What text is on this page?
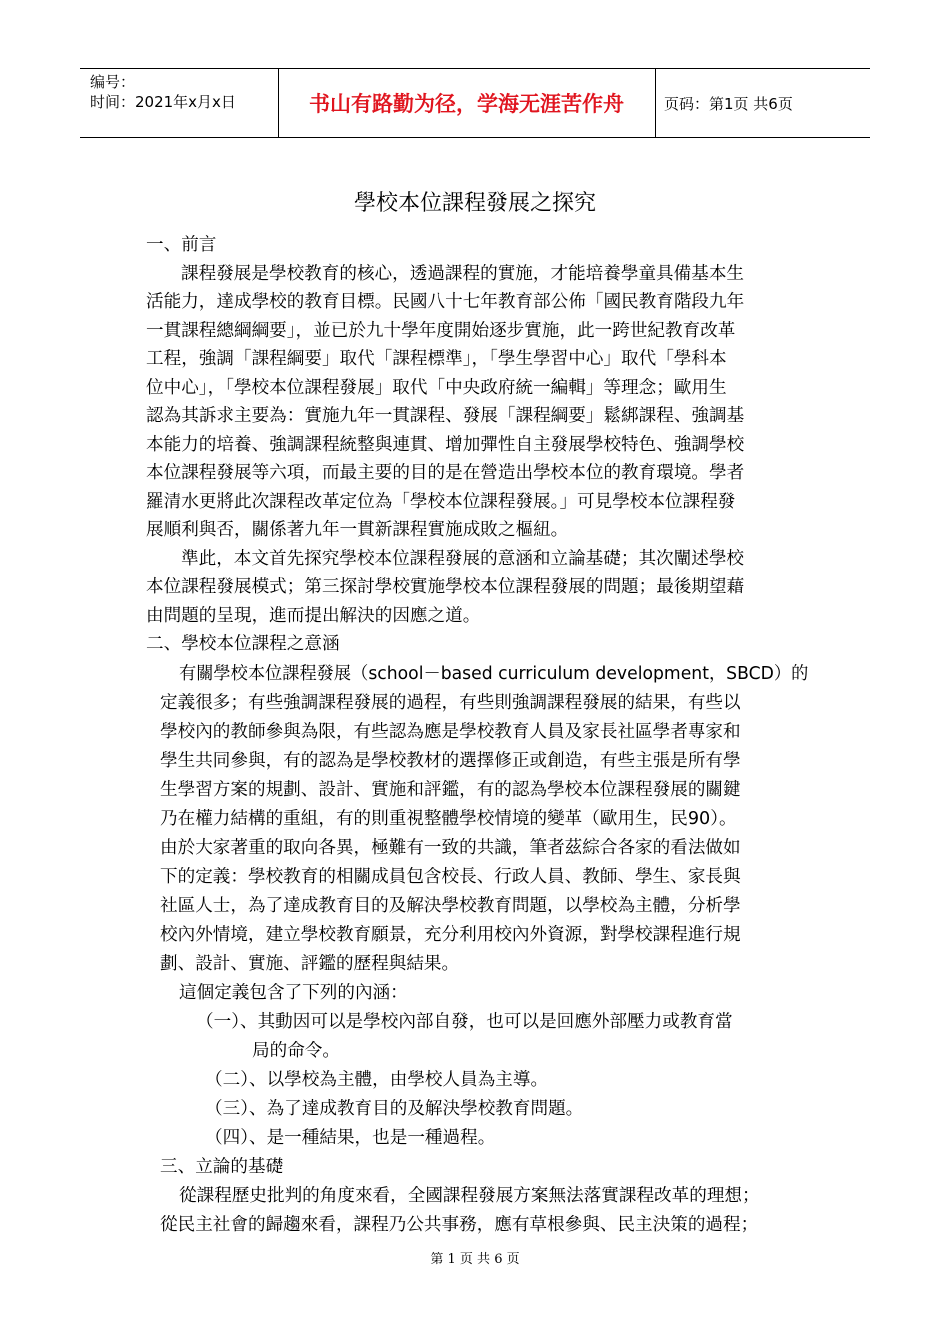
编号：
时间：2021年x月x日	书山有路勤为径，学海无涯苦作舟	页码：第1页 共6页
學校本位課程發展之探究
一、前言
課程發展是學校教育的核心，透過課程的實施，才能培養學童具備基本生
活能力，達成學校的教育目標。民國八十七年教育部公佈「國民教育階段九年
一貫課程總綱綱要」，並已於九十學年度開始逐步實施，此一跨世紀教育改革
工程，強調「課程綱要」取代「課程標準」，「學生學習中心」取代「學科本
位中心」，「學校本位課程發展」取代「中央政府統一編輯」等理念；歐用生
認為其訴求主要為：實施九年一貫課程、發展「課程綱要」鬆綁課程、強調基
本能力的培養、強調課程統整與連貫、增加彈性自主發展學校特色、強調學校
本位課程發展等六項，而最主要的目的是在營造出學校本位的教育環境。學者
羅清水更將此次課程改革定位為「學校本位課程發展。」可見學校本位課程發
展順利與否，關係著九年一貫新課程實施成敗之樞紐。
準此，本文首先探究學校本位課程發展的意涵和立論基礎；其次闡述學校
本位課程發展模式；第三探討學校實施學校本位課程發展的問題；最後期望藉
由問題的呈現，進而提出解決的因應之道。
二、學校本位課程之意涵
有關學校本位課程發展（school－based curriculum development，SBCD）的
定義很多；有些強調課程發展的過程，有些則強調課程發展的結果，有些以
學校內的教師參與為限，有些認為應是學校教育人員及家長社區學者專家和
學生共同參與，有的認為是學校教材的選擇修正或創造，有些主張是所有學
生學習方案的規劃、設計、實施和評鑑，有的認為學校本位課程發展的關鍵
乃在權力結構的重組，有的則重視整體學校情境的變革（歐用生，民90）。
由於大家著重的取向各異，極難有一致的共識，筆者茲綜合各家的看法做如
下的定義：學校教育的相關成員包含校長、行政人員、教師、學生、家長與
社區人士，為了達成教育目的及解決學校教育問題，以學校為主體，分析學
校內外情境，建立學校教育願景，充分利用校內外資源，對學校課程進行規
劃、設計、實施、評鑑的歷程與結果。
這個定義包含了下列的內涵：
（一）、其動因可以是學校內部自發，也可以是回應外部壓力或教育當
局的命令。
（二）、以學校為主體，由學校人員為主導。
（三）、為了達成教育目的及解決學校教育問題。
（四）、是一種結果，也是一種過程。
三、立論的基礎
從課程歷史批判的角度來看，全國課程發展方案無法落實課程改革的理想；
從民主社會的歸趨來看，課程乃公共事務，應有草根參與、民主決策的過程；
第 1 页 共 6 页
